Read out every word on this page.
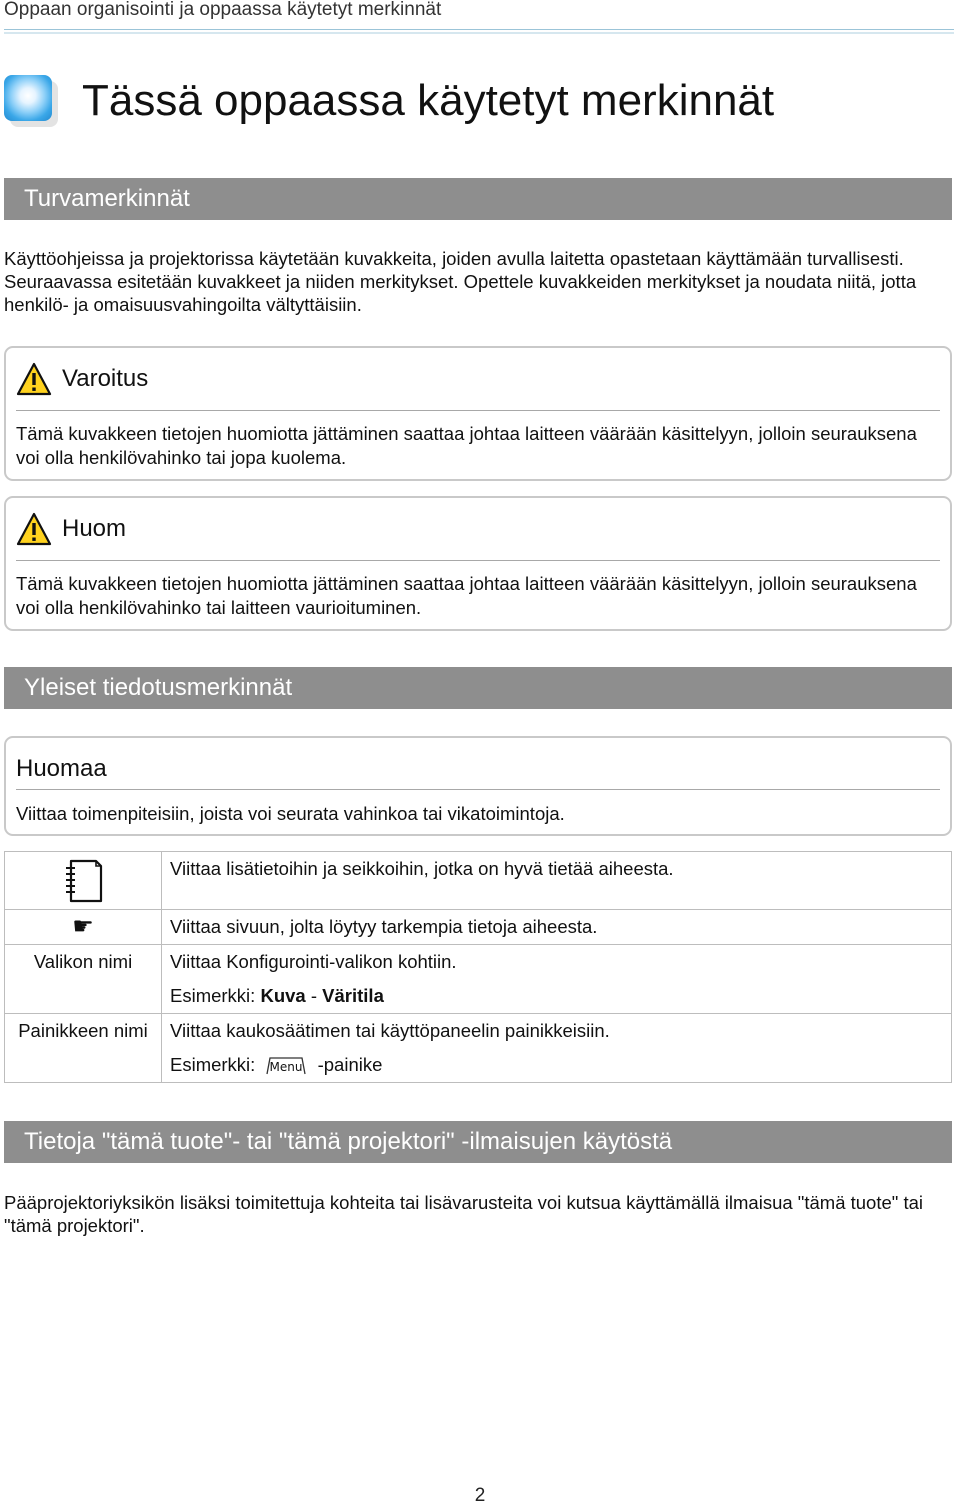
Oppaan organisointi ja oppaassa käytetyt merkinnät
Tässä oppaassa käytetyt merkinnät
Turvamerkinnät

Käyttöohjeissa ja projektorissa käytetään kuvakkeita, joiden avulla laitetta opastetaan käyttämään turvallisesti.

Seuraavassa esitetään kuvakkeet ja niiden merkitykset. Opettele kuvakkeiden merkitykset ja noudata niitä, jotta henkilö- ja omaisuusvahingoilta vältyttäisiin.

Varoitus

Tämä kuvakkeen tietojen huomiotta jättäminen saattaa johtaa laitteen väärään käsittelyyn, jolloin seurauksena voi olla henkilövahinko tai jopa kuolema.

Huom

Tämä kuvakkeen tietojen huomiotta jättäminen saattaa johtaa laitteen väärään käsittelyyn, jolloin seurauksena voi olla henkilövahinko tai laitteen vaurioituminen.

Yleiset tiedotusmerkinnät
Huomaa

Viittaa toimenpiteisiin, joista voi seurata vahinkoa tai vikatoimintoja.

Viittaa lisätietoihin ja seikkoihin, jotka on hyvä tietää aiheesta.

☛	Viittaa sivuun, jolta löytyy tarkempia tietoja aiheesta.

Valikon nimi	Viittaa Konfigurointi-valikon kohtiin.
Esimerkki: Kuva - Väritila

Painikkeen nimi	Viittaa kaukosäätimen tai käyttöpaneelin painikkeisiin.
Esimerkki: Menu -painike
Tietoja "tämä tuote"- tai "tämä projektori" -ilmaisujen käytöstä

Pääprojektoriyksikön lisäksi toimitettuja kohteita tai lisävarusteita voi kutsua käyttämällä ilmaisua "tämä tuote" tai "tämä projektori".

2
